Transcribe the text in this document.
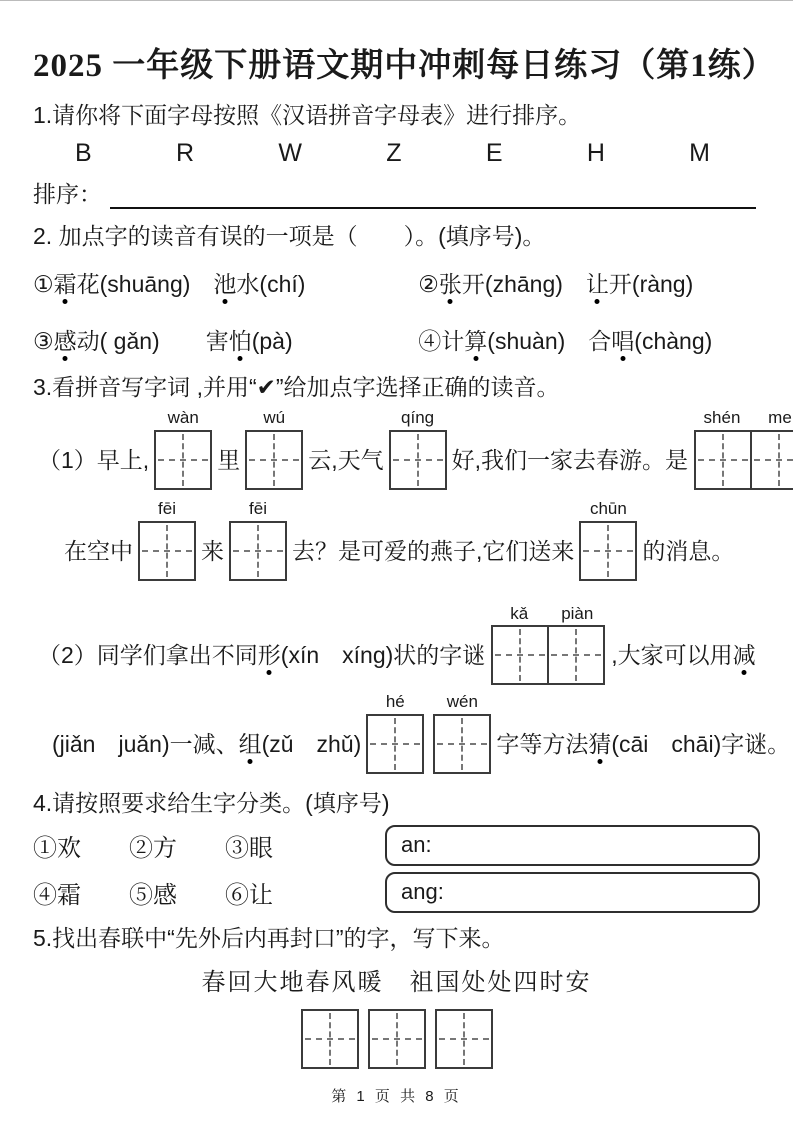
2025 一年级下册语文期中冲刺每日练习（第1练）

1.请你将下面字母按照《汉语拼音字母表》进行排序。

B	R	W	Z	E	H	M
排序：

2. 加点字的读音有误的一项是（　　）。(填序号)。

①霜花(shuāng)　池水(chí)	②张开(zhāng)　让开(ràng)
③感动( gǎn)　　害怕(pà)	④计算(shuàn)　合唱(chàng)

3.看拼音写字词 ,并用“✔”给加点字选择正确的读音。

（1）早上,
wàn
里
wú
云,天气
qíng
好,我们一家去春游。是
shén	me
在空中
fēi
来
fēi
去？是可爱的燕子,它们送来
chūn
的消息。
（2）同学们拿出不同形(xín　xíng)状的字谜
kǎ	piàn
,大家可以用减
(jiǎn　juǎn)一减、组(zǔ　zhǔ)
hé	wén
字等方法猜(cāi　chāi)字谜。

4.请按照要求给生字分类。(填序号)

①欢　　②方　　③眼	an:
④霜　　⑤感　　⑥让	ang:

5.找出春联中“先外后内再封口”的字，写下来。

春回大地春风暖　祖国处处四时安
第 1 页 共 8 页
